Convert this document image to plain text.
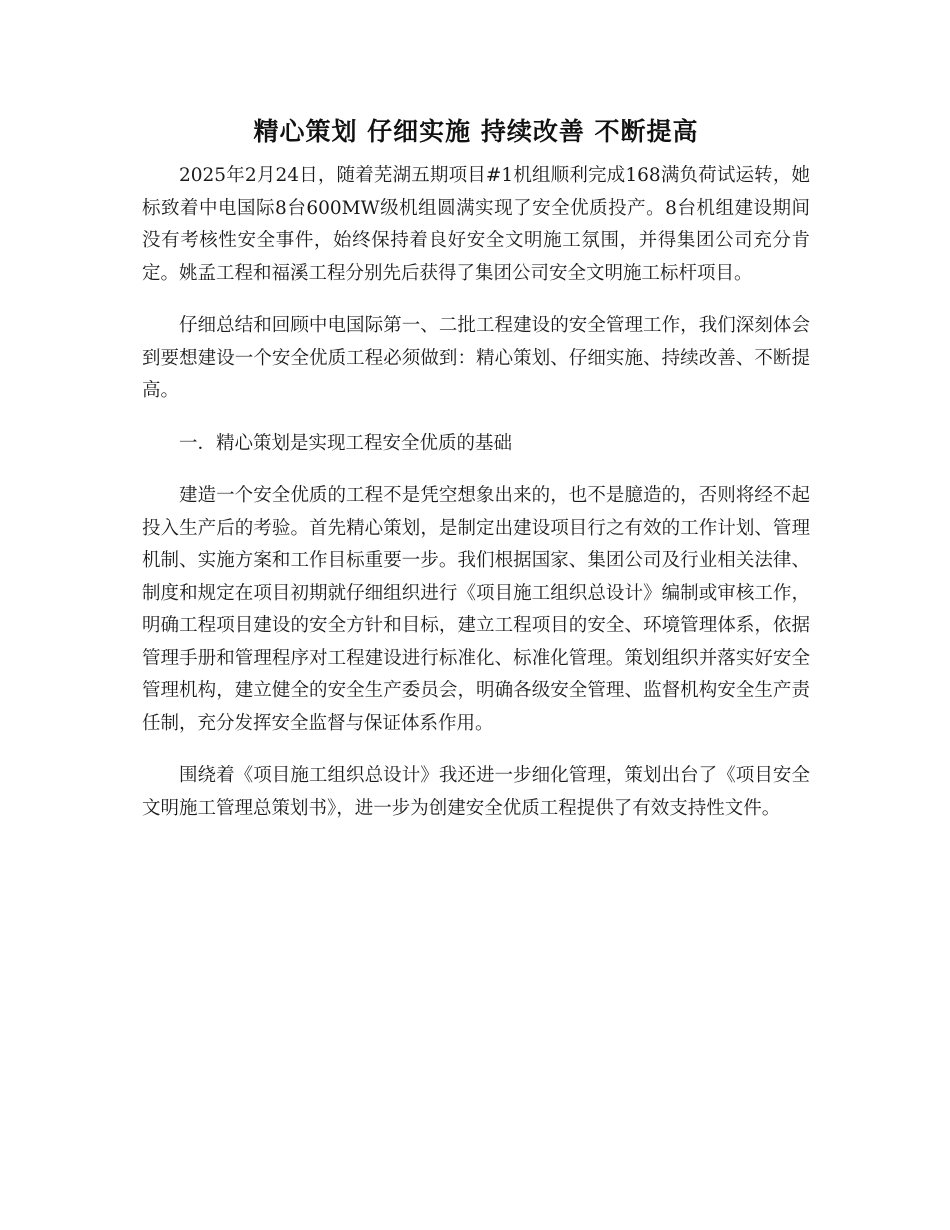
精心策划 仔细实施 持续改善 不断提高

2025年2月24日，随着芜湖五期项目#1机组顺利完成168满负荷试运转，她标致着中电国际8台600MW级机组圆满实现了安全优质投产。8台机组建设期间没有考核性安全事件，始终保持着良好安全文明施工氛围，并得集团公司充分肯定。姚孟工程和福溪工程分别先后获得了集团公司安全文明施工标杆项目。

仔细总结和回顾中电国际第一、二批工程建设的安全管理工作，我们深刻体会到要想建设一个安全优质工程必须做到：精心策划、仔细实施、持续改善、不断提高。

一．精心策划是实现工程安全优质的基础

建造一个安全优质的工程不是凭空想象出来的，也不是臆造的，否则将经不起投入生产后的考验。首先精心策划，是制定出建设项目行之有效的工作计划、管理机制、实施方案和工作目标重要一步。我们根据国家、集团公司及行业相关法律、制度和规定在项目初期就仔细组织进行《项目施工组织总设计》编制或审核工作，明确工程项目建设的安全方针和目标，建立工程项目的安全、环境管理体系，依据管理手册和管理程序对工程建设进行标准化、标准化管理。策划组织并落实好安全管理机构，建立健全的安全生产委员会，明确各级安全管理、监督机构安全生产责任制，充分发挥安全监督与保证体系作用。

围绕着《项目施工组织总设计》我还进一步细化管理，策划出台了《项目安全文明施工管理总策划书》，进一步为创建安全优质工程提供了有效支持性文件。
